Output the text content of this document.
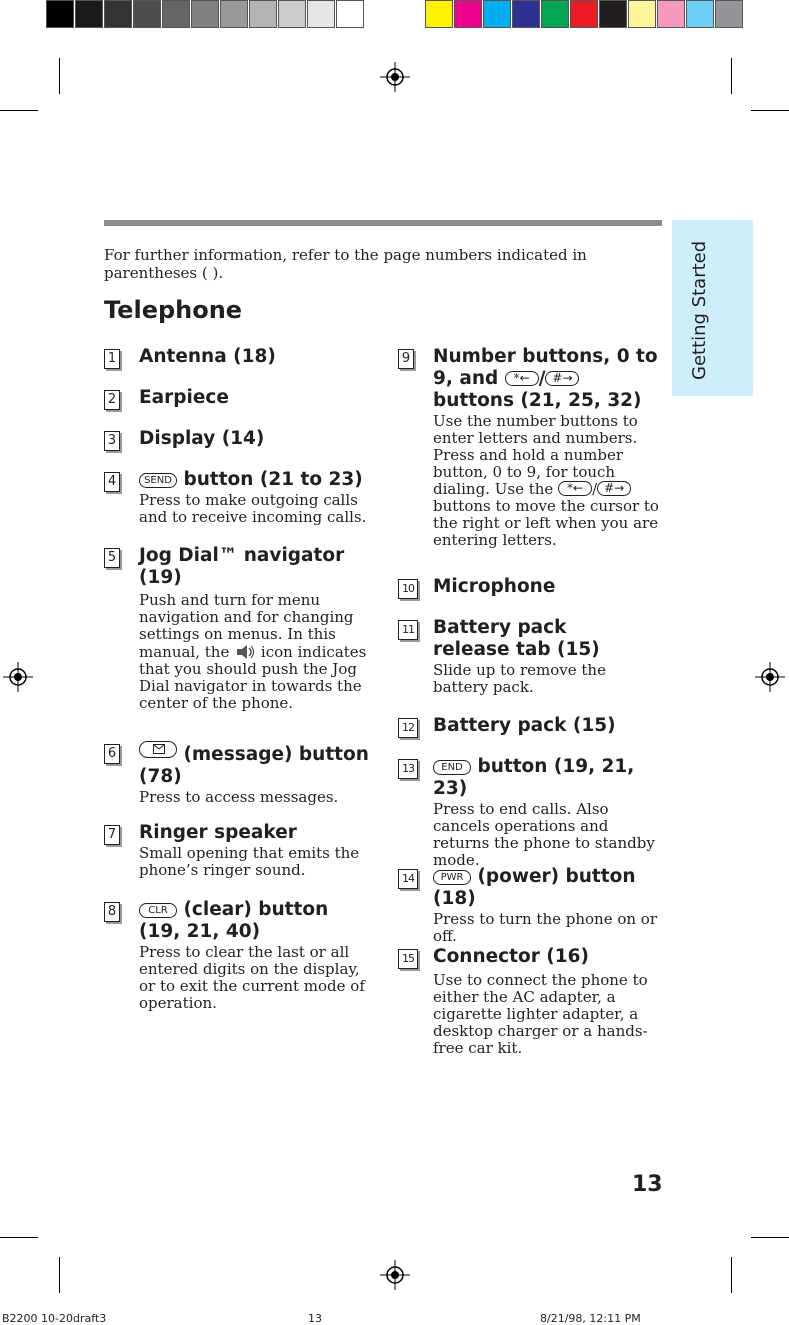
Getting Started
For further information, refer to the page numbers indicated in parentheses ( ).
Telephone
1 Antenna (18)
2 Earpiece
3 Display (14)
4	SEND button (21 to 23)
Press to make outgoing calls and to receive incoming calls.
5 Jog Dial™ navigator (19)
Push and turn for menu navigation and for changing settings on menus. In this manual, the icon indicates that you should push the Jog Dial navigator in towards the center of the phone.
6	(message) button (78)
Press to access messages.
7 Ringer speaker
Small opening that emits the phone’s ringer sound.
8	CLR (clear) button (19, 21, 40)
Press to clear the last or all entered digits on the display, or to exit the current mode of operation.
9 Number buttons, 0 to 9, and *← / #→ buttons (21, 25, 32)
Use the number buttons to enter letters and numbers. Press and hold a number button, 0 to 9, for touch dialing. Use the *← / #→ buttons to move the cursor to the right or left when you are entering letters.
10 Microphone
11 Battery pack release tab (15)
Slide up to remove the battery pack.
12 Battery pack (15)
13	END button (19, 21, 23)
Press to end calls. Also cancels operations and returns the phone to standby mode.
14	PWR (power) button (18)
Press to turn the phone on or off.
15 Connector (16)
Use to connect the phone to either the AC adapter, a cigarette lighter adapter, a desktop charger or a hands-free car kit.
13
B2200 10-20draft3	13	8/21/98, 12:11 PM
